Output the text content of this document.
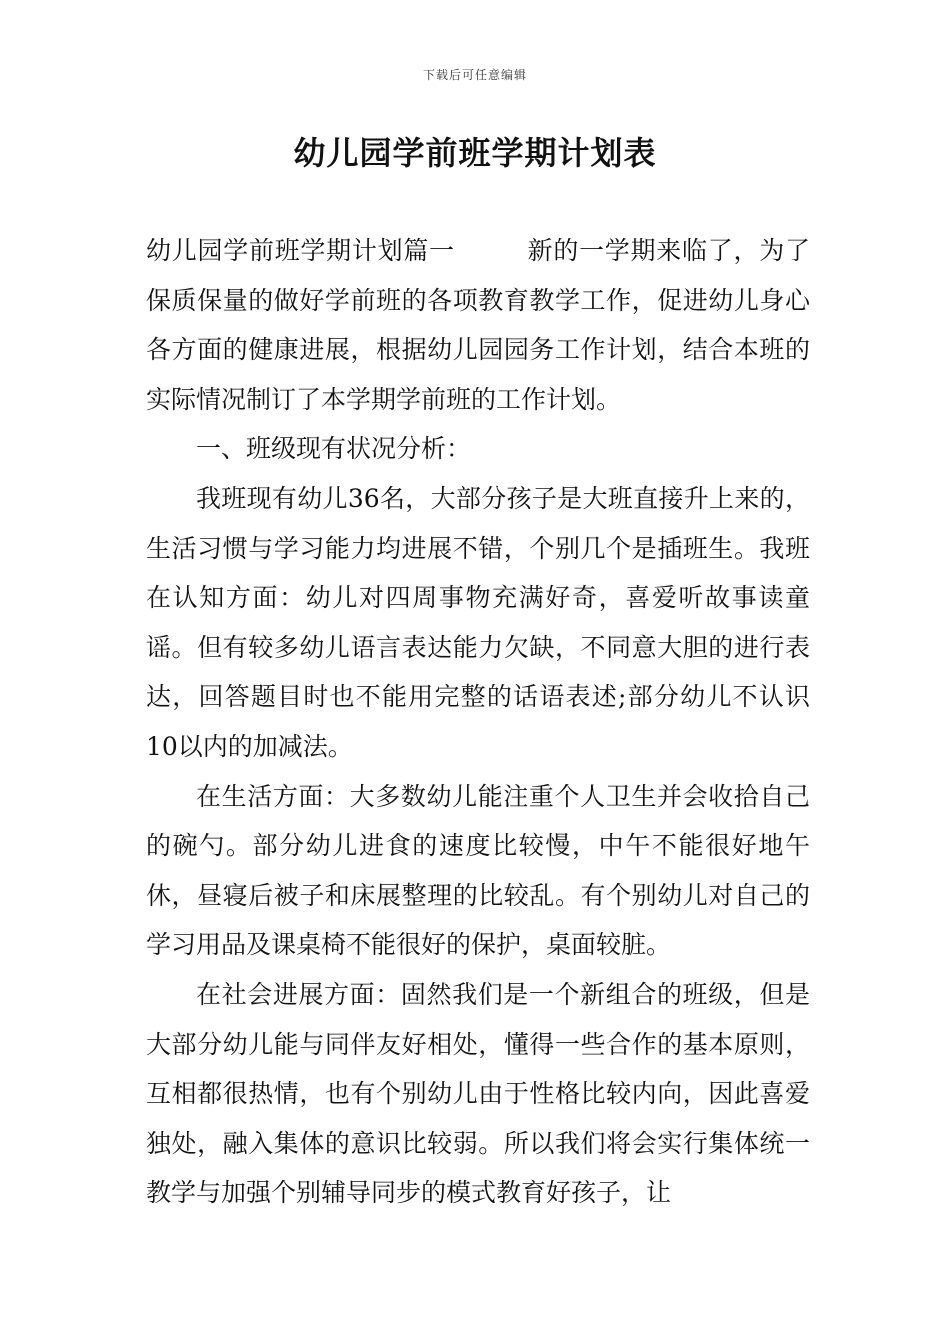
下载后可任意编辑
幼儿园学前班学期计划表

幼儿园学前班学期计划篇一	新的一学期来临了，为了保质保量的做好学前班的各项教育教学工作，促进幼儿身心各方面的健康进展，根据幼儿园园务工作计划，结合本班的实际情况制订了本学期学前班的工作计划。

一、班级现有状况分析：

我班现有幼儿36名，大部分孩子是大班直接升上来的，生活习惯与学习能力均进展不错，个别几个是插班生。我班在认知方面：幼儿对四周事物充满好奇，喜爱听故事读童谣。但有较多幼儿语言表达能力欠缺，不同意大胆的进行表达，回答题目时也不能用完整的话语表述;部分幼儿不认识10以内的加减法。

在生活方面：大多数幼儿能注重个人卫生并会收拾自己的碗勺。部分幼儿进食的速度比较慢，中午不能很好地午休，昼寝后被子和床展整理的比较乱。有个别幼儿对自己的学习用品及课桌椅不能很好的保护，桌面较脏。

在社会进展方面：固然我们是一个新组合的班级，但是大部分幼儿能与同伴友好相处，懂得一些合作的基本原则，互相都很热情，也有个别幼儿由于性格比较内向，因此喜爱独处，融入集体的意识比较弱。所以我们将会实行集体统一教学与加强个别辅导同步的模式教育好孩子，让
